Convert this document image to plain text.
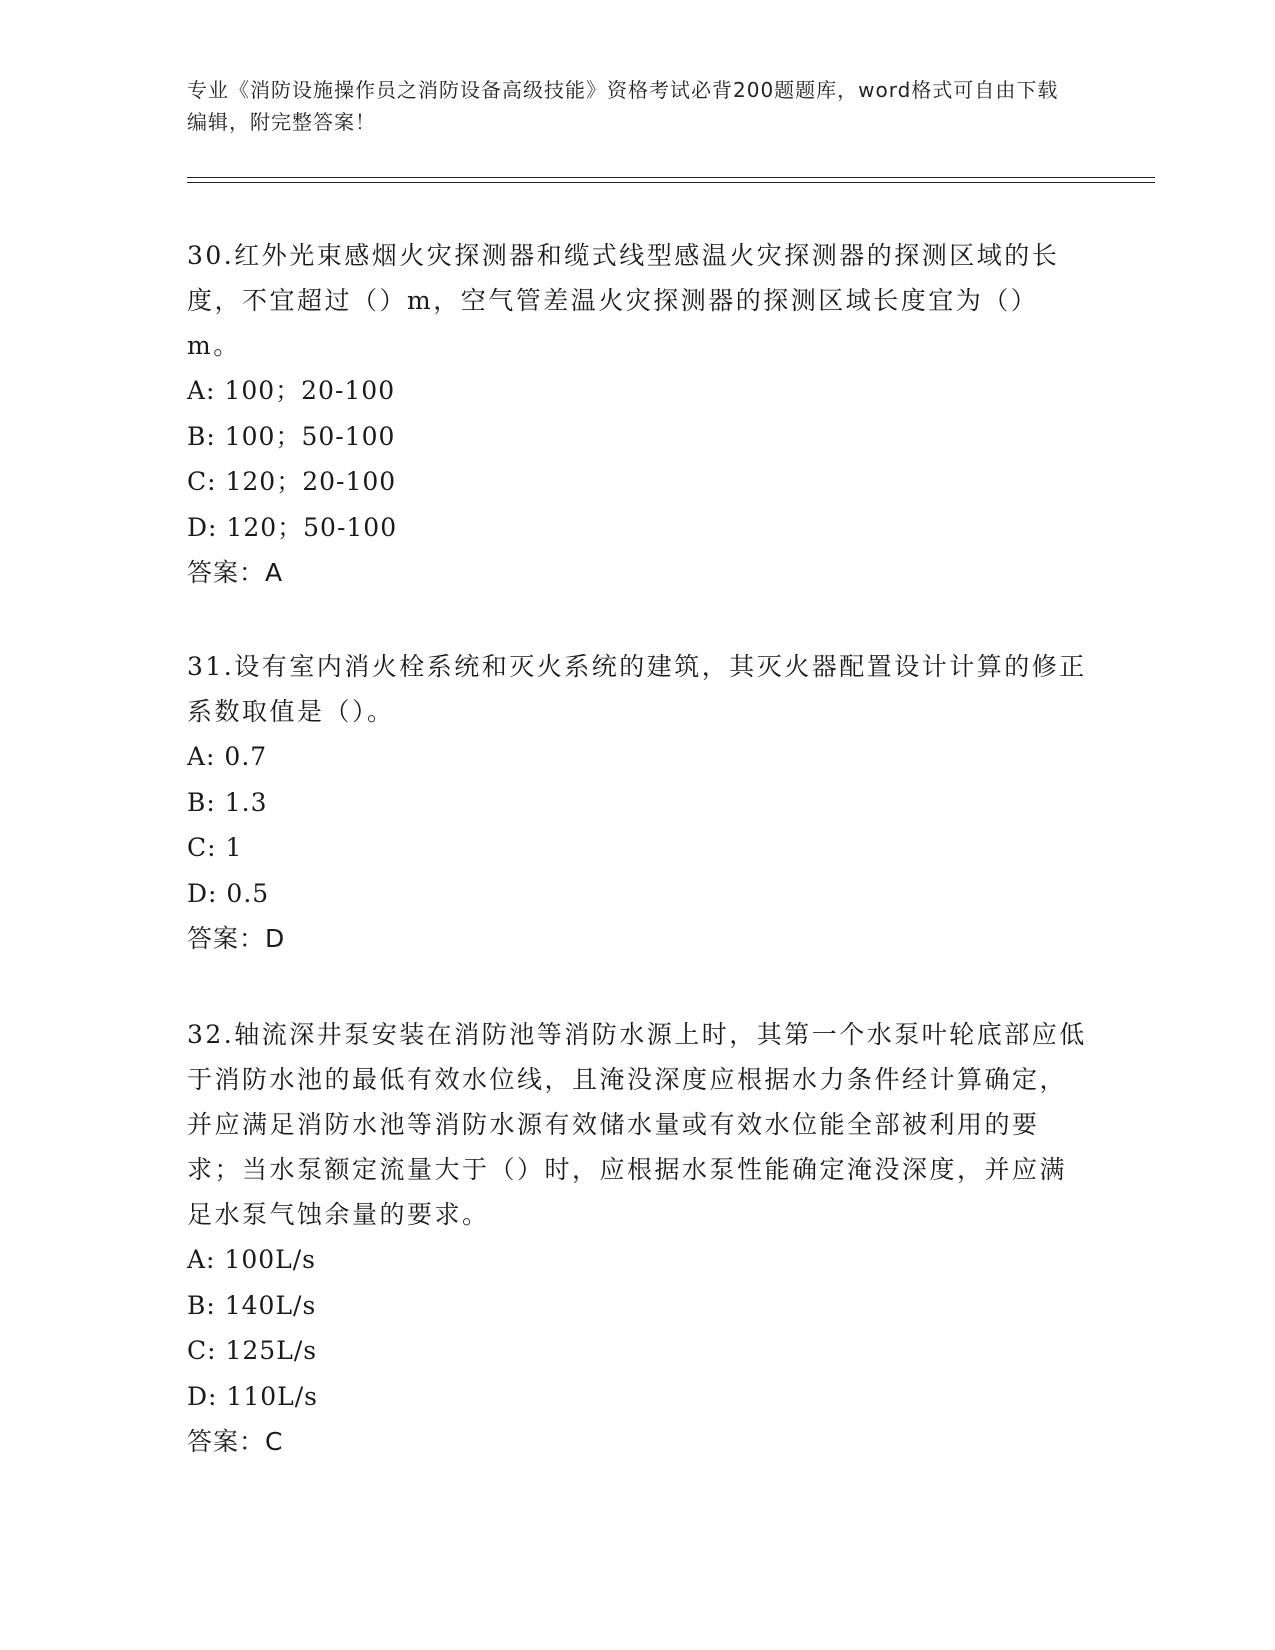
专业《消防设施操作员之消防设备高级技能》资格考试必背200题题库，word格式可自由下载编辑，附完整答案！

30.红外光束感烟火灾探测器和缆式线型感温火灾探测器的探测区域的长度，不宜超过（）m，空气管差温火灾探测器的探测区域长度宜为（）m。

A: 100；20-100

B: 100；50-100

C: 120；20-100

D: 120；50-100

答案：A

31.设有室内消火栓系统和灭火系统的建筑，其灭火器配置设计计算的修正系数取值是（）。

A: 0.7

B: 1.3

C: 1

D: 0.5

答案：D

32.轴流深井泵安装在消防池等消防水源上时，其第一个水泵叶轮底部应低于消防水池的最低有效水位线，且淹没深度应根据水力条件经计算确定，并应满足消防水池等消防水源有效储水量或有效水位能全部被利用的要求；当水泵额定流量大于（）时，应根据水泵性能确定淹没深度，并应满足水泵气蚀余量的要求。

A: 100L/s

B: 140L/s

C: 125L/s

D: 110L/s

答案：C
